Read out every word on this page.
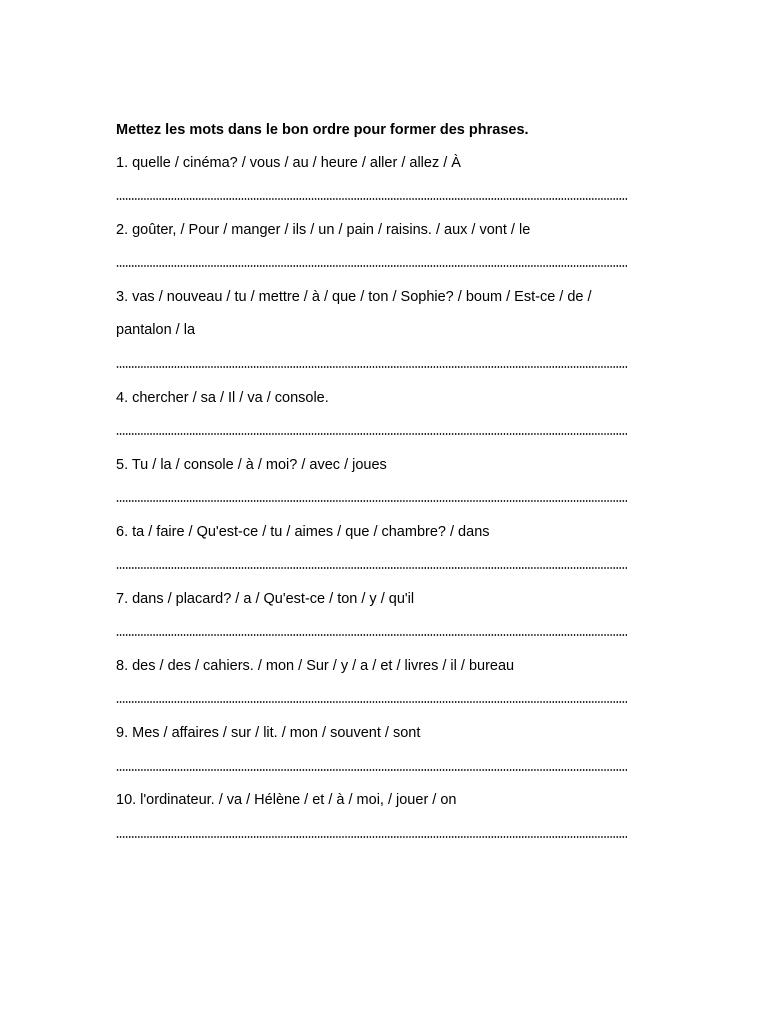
Mettez les mots dans le bon ordre pour former des phrases.
1. quelle / cinéma? / vous / au / heure / aller / allez / À
2. goûter, / Pour / manger / ils / un / pain / raisins. / aux / vont / le
3. vas / nouveau / tu / mettre / à / que / ton / Sophie? / boum / Est-ce / de /
pantalon / la
4. chercher / sa / Il / va / console.
5. Tu / la / console / à / moi? / avec / joues
6. ta / faire / Qu'est-ce / tu / aimes / que / chambre? / dans
7. dans / placard? / a / Qu'est-ce / ton / y / qu'il
8. des / des / cahiers. / mon / Sur / y / a / et / livres / il / bureau
9. Mes / affaires / sur / lit. / mon / souvent / sont
10. l'ordinateur. / va / Hélène / et / à / moi, / jouer / on
